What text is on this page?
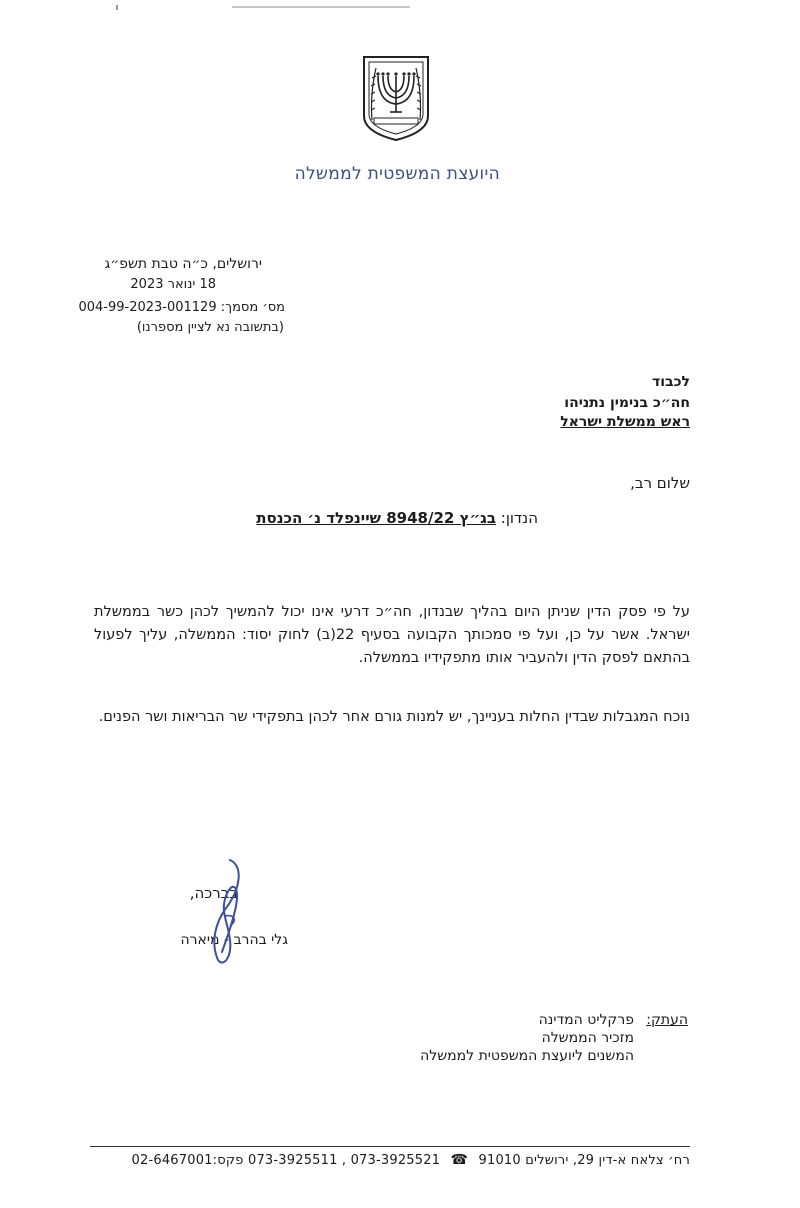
היועצת המשפטית לממשלה
ירושלים, כ״ה טבת תשפ״ג
18 ינואר 2023
מס׳ מסמך: 004-99-2023-001129
(בתשובה נא לציין מספרנו)
לכבוד
חה״כ בנימין נתניהו
ראש ממשלת ישראל
שלום רב,
הנדון: בג״ץ 8948/22 שיינפלד נ׳ הכנסת
על פי פסק הדין שניתן היום בהליך שבנדון, חה״כ דרעי אינו יכול להמשיך לכהן כשר בממשלת ישראל. אשר על כן, ועל פי סמכותך הקבועה בסעיף 22(ב) לחוק יסוד: הממשלה, עליך לפעול בהתאם לפסק הדין ולהעביר אותו מתפקידיו בממשלה.
נוכח המגבלות שבדין החלות בעניינך, יש למנות גורם אחר לכהן בתפקידי שר הבריאות ושר הפנים.
בברכה,
גלי בהרב - מיארה
העתק:
פרקליט המדינה
מזכיר הממשלה
המשנים ליועצת המשפטית לממשלה
רח׳ צלאח א-דין 29, ירושלים 91010 ☎ 073-3925511 , 073-3925521 פקס:02-6467001
